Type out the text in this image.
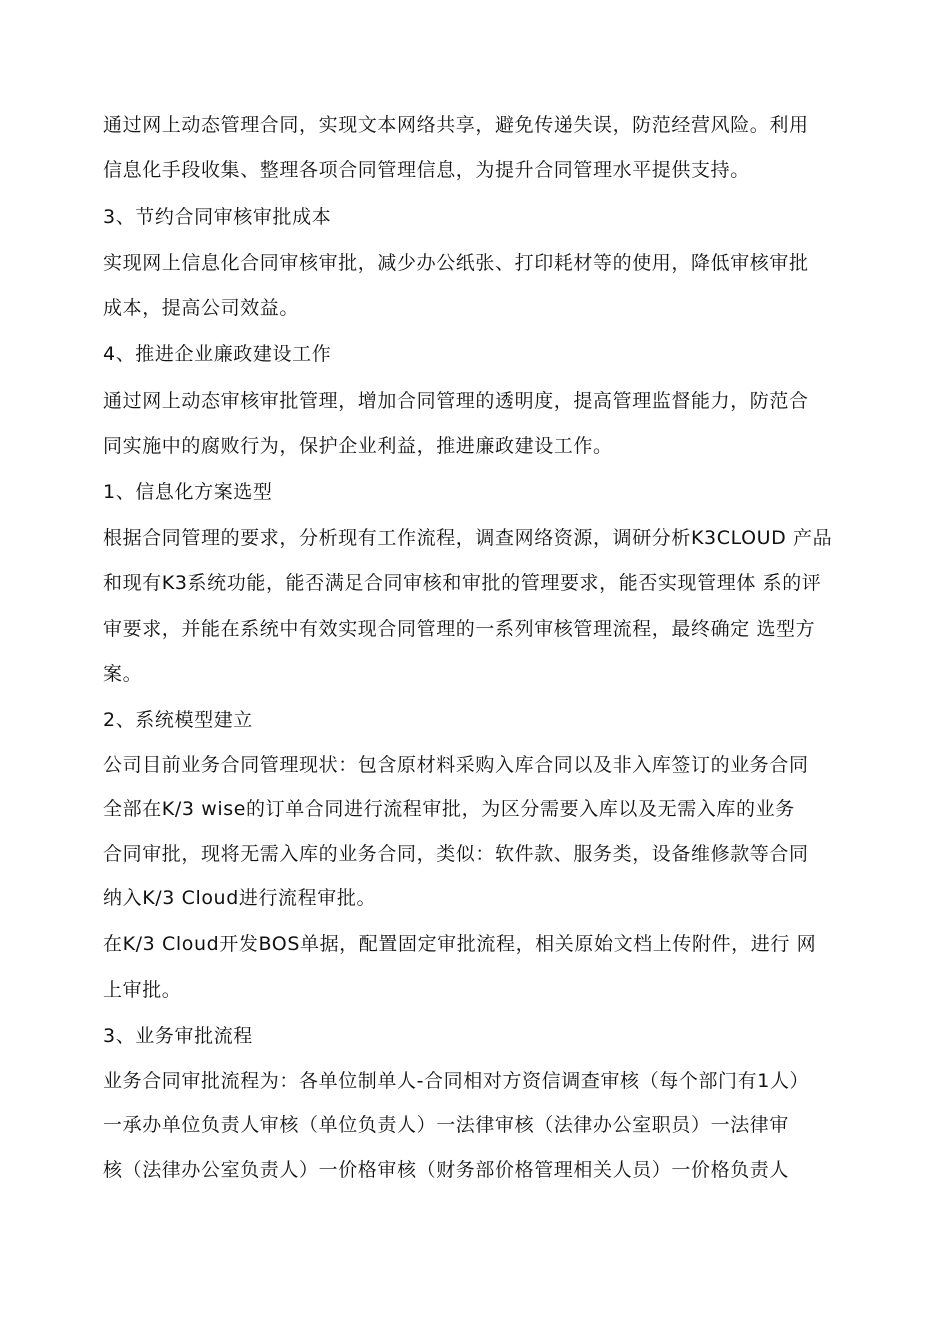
通过网上动态管理合同，实现文本网络共享，避免传递失误，防范经营风险。利用
信息化手段收集、整理各项合同管理信息，为提升合同管理水平提供支持。
3、节约合同审核审批成本
实现网上信息化合同审核审批，减少办公纸张、打印耗材等的使用，降低审核审批
成本，提高公司效益。
4、推进企业廉政建设工作
通过网上动态审核审批管理，增加合同管理的透明度，提高管理监督能力，防范合
同实施中的腐败行为，保护企业利益，推进廉政建设工作。
1、信息化方案选型
根据合同管理的要求，分析现有工作流程，调查网络资源，调研分析K3CLOUD 产品
和现有K3系统功能，能否满足合同审核和审批的管理要求，能否实现管理体 系的评
审要求，并能在系统中有效实现合同管理的一系列审核管理流程，最终确定 选型方
案。
2、系统模型建立
公司目前业务合同管理现状：包含原材料采购入库合同以及非入库签订的业务合同
全部在K/3 wise的订单合同进行流程审批，为区分需要入库以及无需入库的业务
合同审批，现将无需入库的业务合同，类似：软件款、服务类，设备维修款等合同
纳入K/3 Cloud进行流程审批。
在K/3 Cloud开发BOS单据，配置固定审批流程，相关原始文档上传附件，进行 网
上审批。
3、业务审批流程
业务合同审批流程为：各单位制单人-合同相对方资信调查审核（每个部门有1人）
一承办单位负责人审核（单位负责人）一法律审核（法律办公室职员）一法律审
核（法律办公室负责人）一价格审核（财务部价格管理相关人员）一价格负责人
